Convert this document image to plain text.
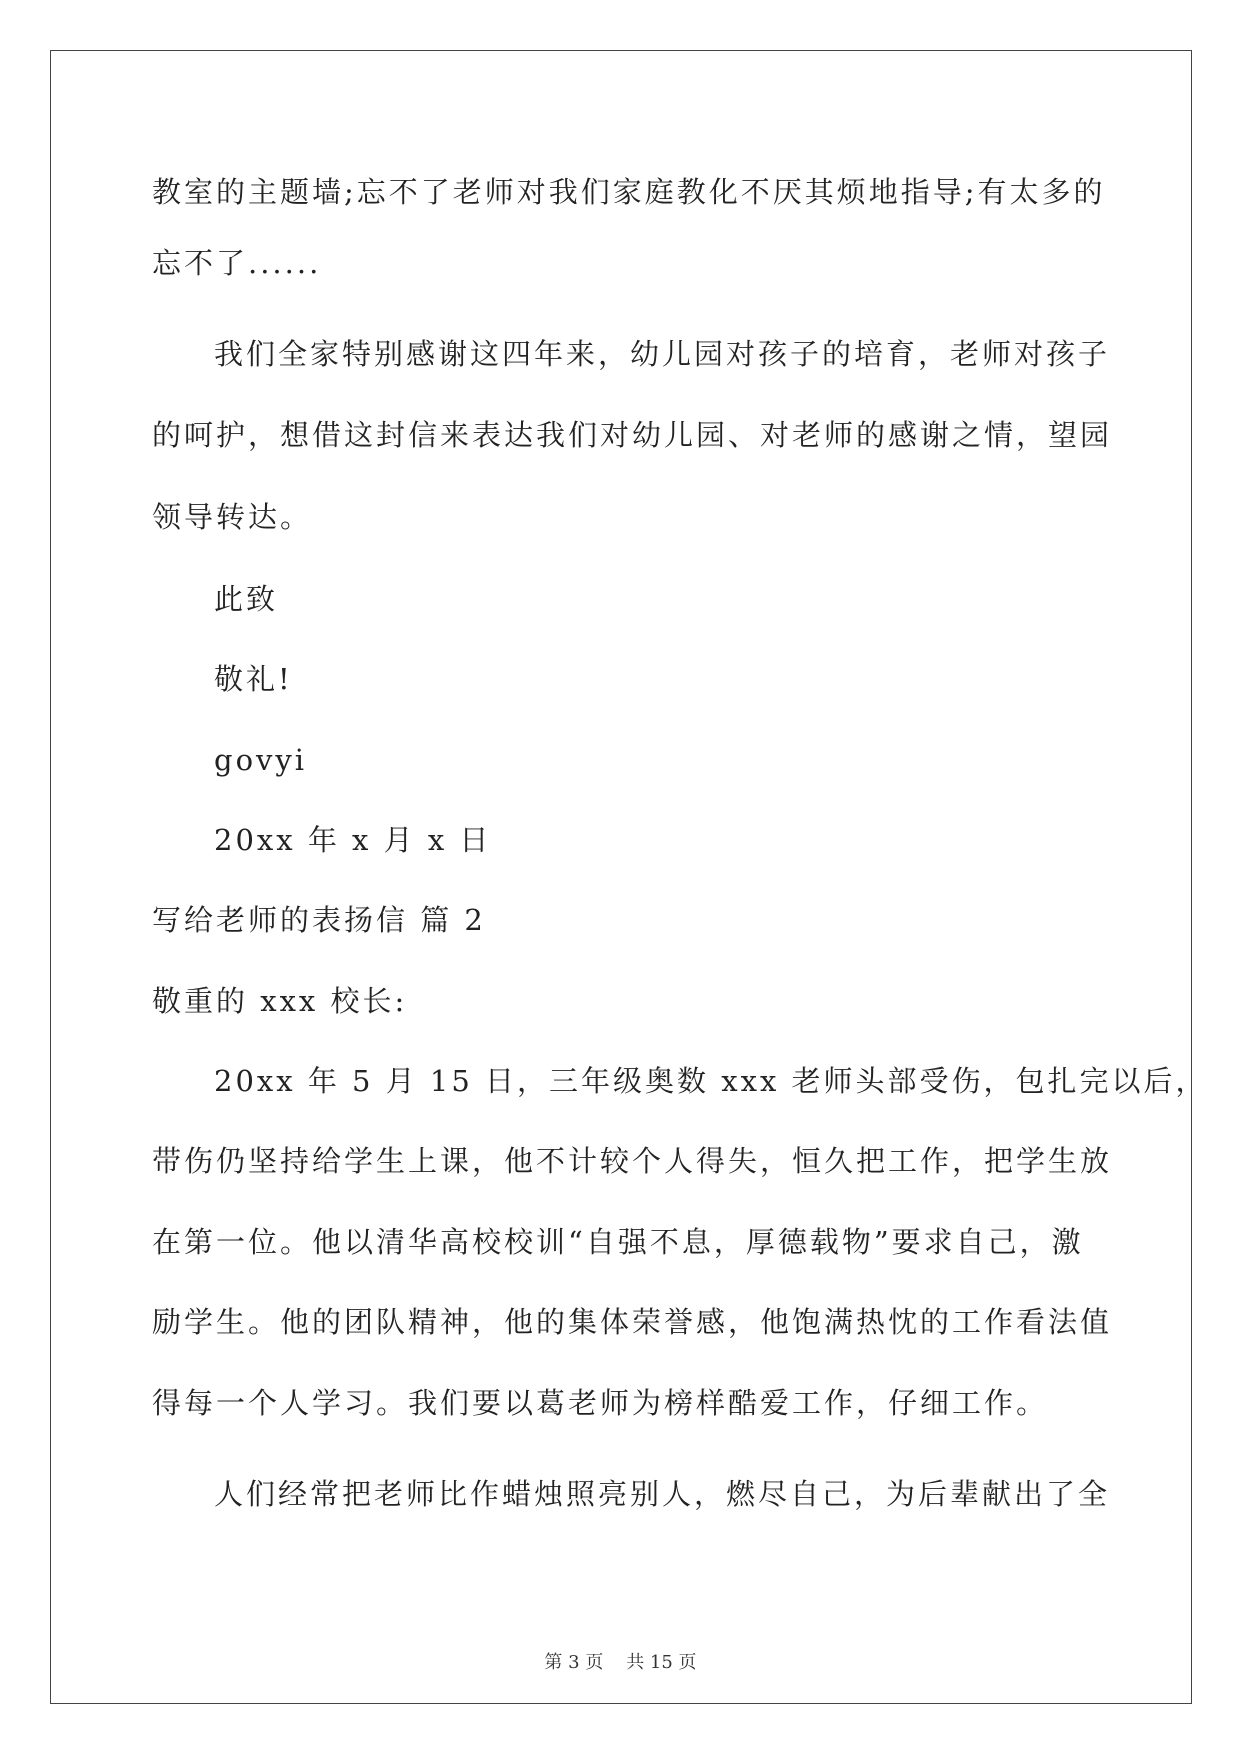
教室的主题墙;忘不了老师对我们家庭教化不厌其烦地指导;有太多的
忘不了......
我们全家特别感谢这四年来，幼儿园对孩子的培育，老师对孩子
的呵护，想借这封信来表达我们对幼儿园、对老师的感谢之情，望园
领导转达。
此致
敬礼!
govyi
20xx 年 x 月 x 日
写给老师的表扬信 篇 2
敬重的 xxx 校长:
20xx 年 5 月 15 日，三年级奥数 xxx 老师头部受伤，包扎完以后，
带伤仍坚持给学生上课，他不计较个人得失，恒久把工作，把学生放
在第一位。他以清华高校校训“自强不息，厚德载物”要求自己，激
励学生。他的团队精神，他的集体荣誉感，他饱满热忱的工作看法值
得每一个人学习。我们要以葛老师为榜样酷爱工作，仔细工作。
人们经常把老师比作蜡烛照亮别人，燃尽自己，为后辈献出了全
第 3 页    共 15 页
